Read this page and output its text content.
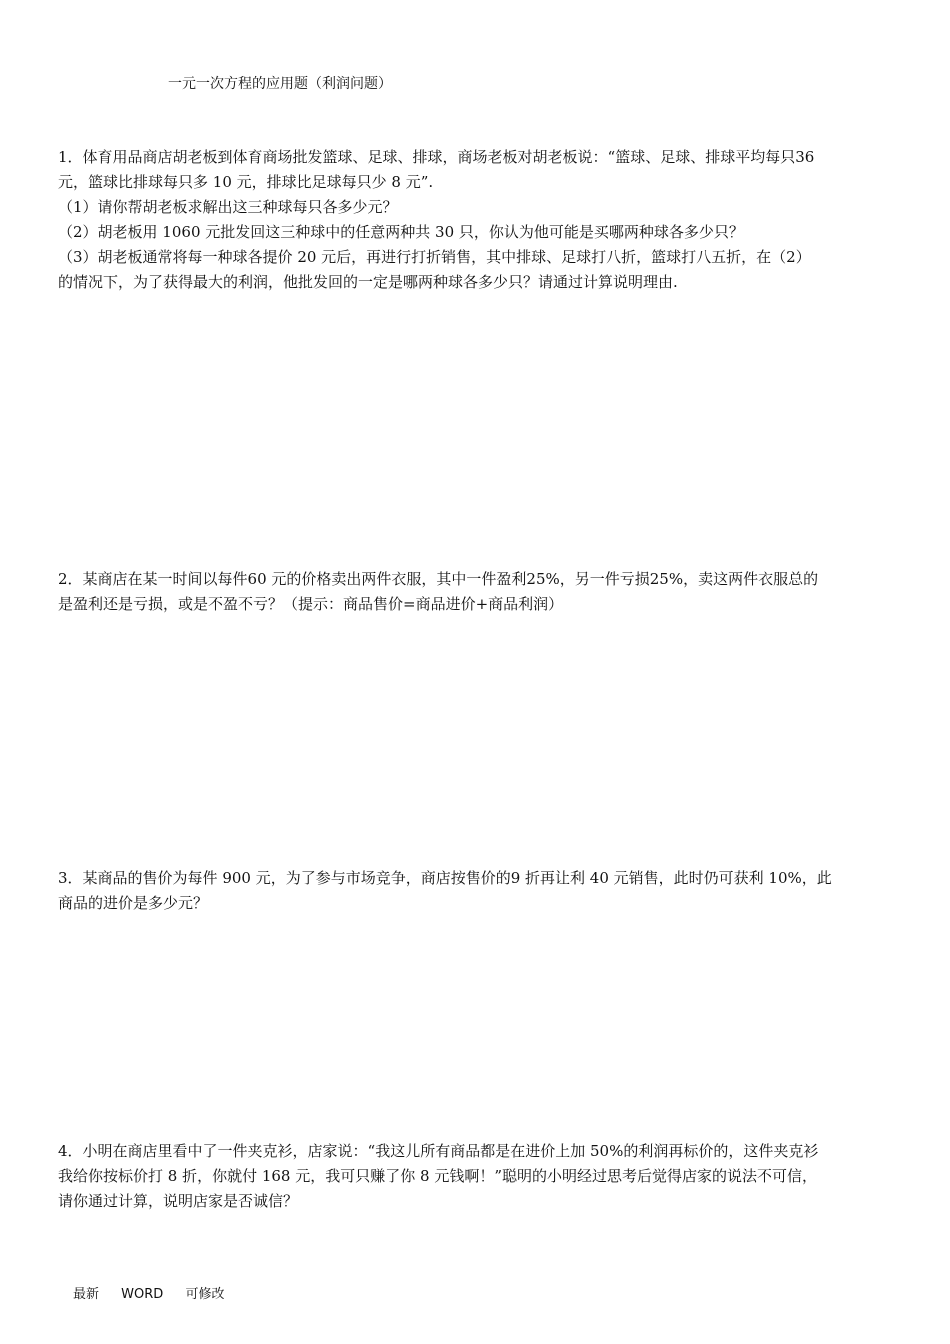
一元一次方程的应用题（利润问题）

1．体育用品商店胡老板到体育商场批发篮球、足球、排球，商场老板对胡老板说：“篮球、足球、排球平均每只36

元，篮球比排球每只多 10 元，排球比足球每只少 8 元”.

（1）请你帮胡老板求解出这三种球每只各多少元？

（2）胡老板用 1060 元批发回这三种球中的任意两种共 30 只，你认为他可能是买哪两种球各多少只？

（3）胡老板通常将每一种球各提价 20 元后，再进行打折销售，其中排球、足球打八折，篮球打八五折，在（2）

的情况下，为了获得最大的利润，他批发回的一定是哪两种球各多少只？请通过计算说明理由.

2．某商店在某一时间以每件60 元的价格卖出两件衣服，其中一件盈利25%，另一件亏损25%，卖这两件衣服总的

是盈利还是亏损，或是不盈不亏？（提示：商品售价=商品进价+商品利润）

3．某商品的售价为每件 900 元，为了参与市场竞争，商店按售价的9 折再让利 40 元销售，此时仍可获利 10%，此

商品的进价是多少元？

4．小明在商店里看中了一件夹克衫，店家说：“我这儿所有商品都是在进价上加 50%的利润再标价的，这件夹克衫

我给你按标价打 8 折，你就付 168 元，我可只赚了你 8 元钱啊！”聪明的小明经过思考后觉得店家的说法不可信，

请你通过计算，说明店家是否诚信？

最新 WORD 可修改
